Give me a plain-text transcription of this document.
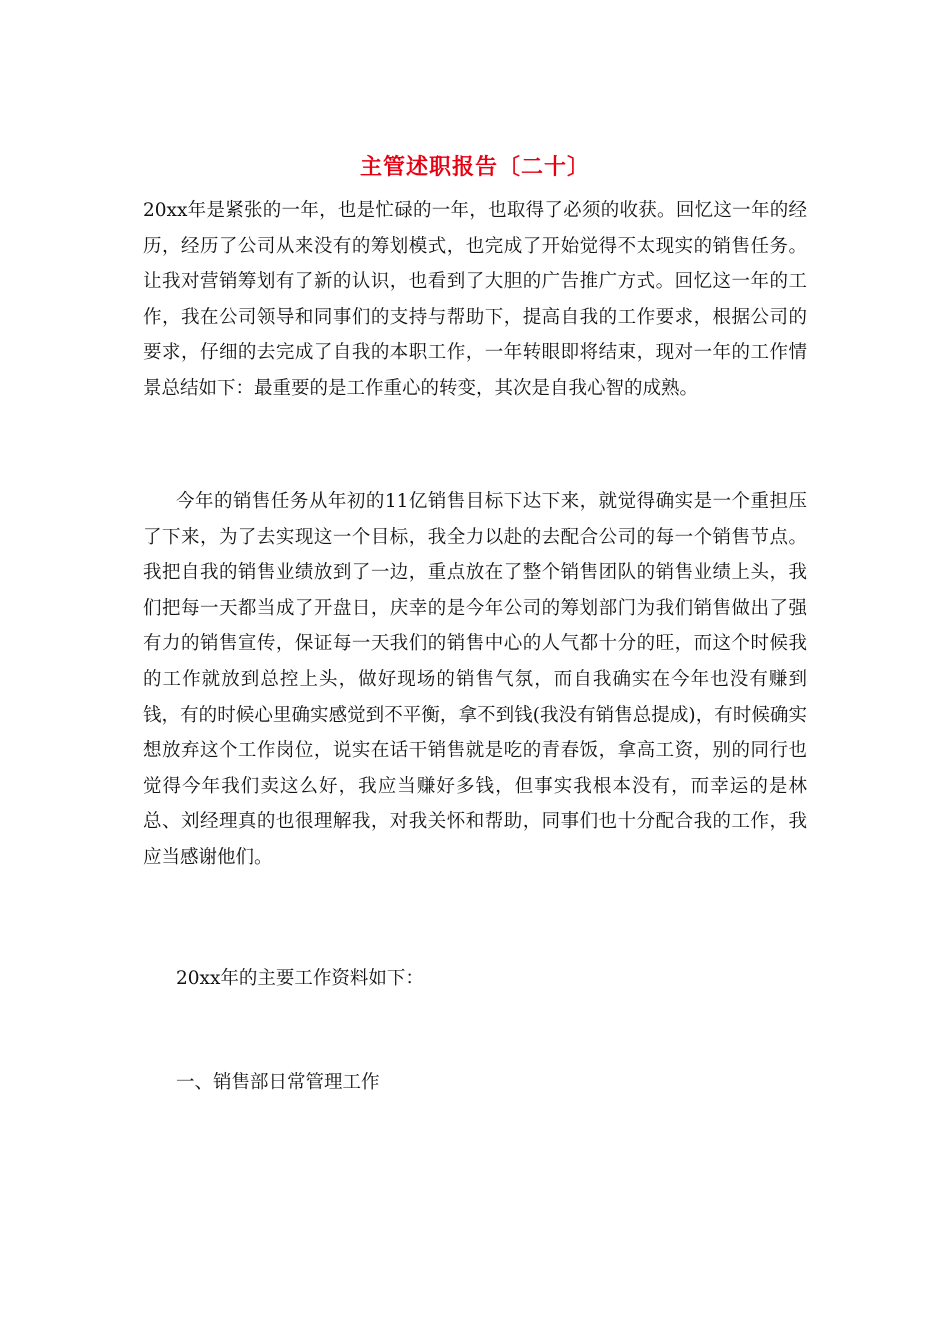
主管述职报告〔二十〕
20xx年是紧张的一年，也是忙碌的一年，也取得了必须的收获。回忆这一年的经历，经历了公司从来没有的筹划模式，也完成了开始觉得不太现实的销售任务。让我对营销筹划有了新的认识，也看到了大胆的广告推广方式。回忆这一年的工作，我在公司领导和同事们的支持与帮助下，提高自我的工作要求，根据公司的要求，仔细的去完成了自我的本职工作，一年转眼即将结束，现对一年的工作情景总结如下：最重要的是工作重心的转变，其次是自我心智的成熟。
今年的销售任务从年初的11亿销售目标下达下来，就觉得确实是一个重担压了下来，为了去实现这一个目标，我全力以赴的去配合公司的每一个销售节点。我把自我的销售业绩放到了一边，重点放在了整个销售团队的销售业绩上头，我们把每一天都当成了开盘日，庆幸的是今年公司的筹划部门为我们销售做出了强有力的销售宣传，保证每一天我们的销售中心的人气都十分的旺，而这个时候我的工作就放到总控上头，做好现场的销售气氛，而自我确实在今年也没有赚到钱，有的时候心里确实感觉到不平衡，拿不到钱(我没有销售总提成)，有时候确实想放弃这个工作岗位，说实在话干销售就是吃的青春饭，拿高工资，别的同行也觉得今年我们卖这么好，我应当赚好多钱，但事实我根本没有，而幸运的是林总、刘经理真的也很理解我，对我关怀和帮助，同事们也十分配合我的工作，我应当感谢他们。
20xx年的主要工作资料如下：
一、销售部日常管理工作
